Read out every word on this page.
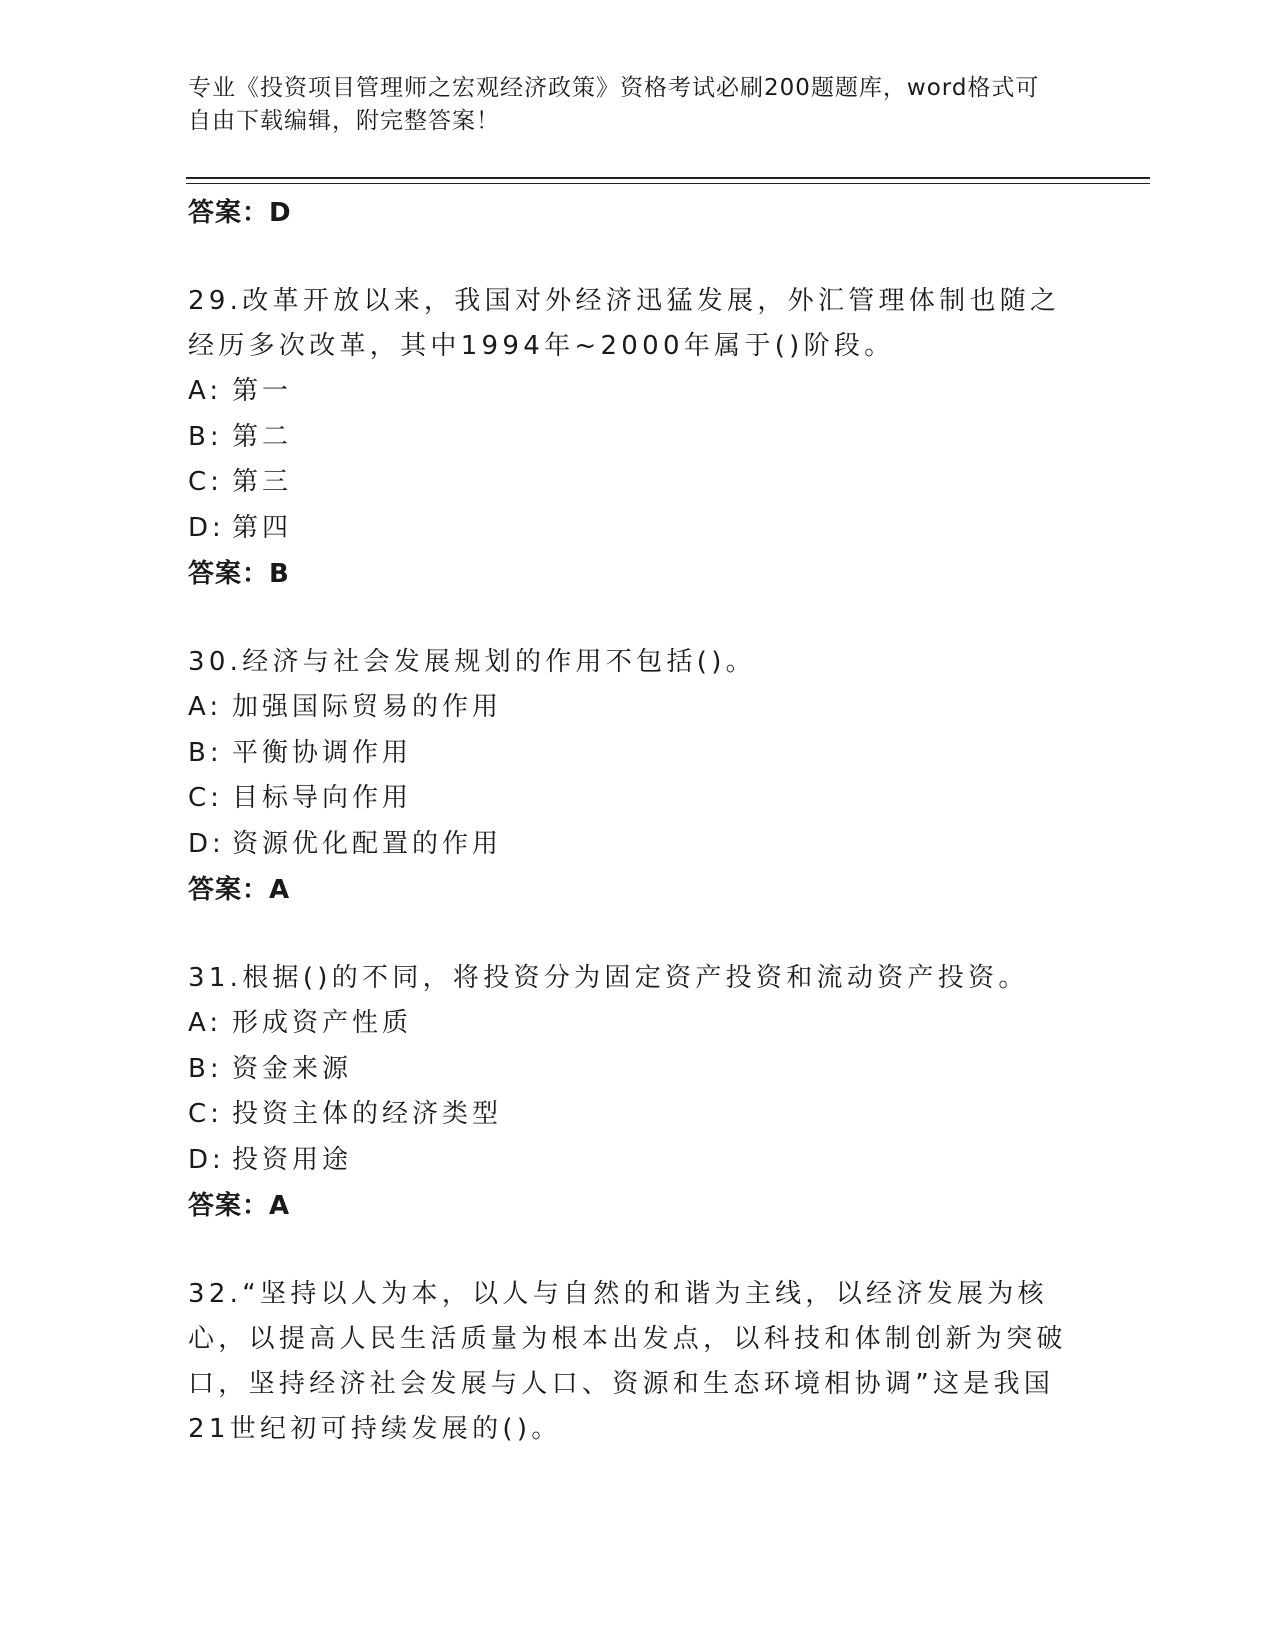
专业《投资项目管理师之宏观经济政策》资格考试必刷200题题库，word格式可
自由下载编辑，附完整答案！
答案：D
29.改革开放以来，我国对外经济迅猛发展，外汇管理体制也随之经历多次改革，其中1994年~2000年属于()阶段。
A: 第一
B: 第二
C: 第三
D: 第四
答案：B
30.经济与社会发展规划的作用不包括()。
A: 加强国际贸易的作用
B: 平衡协调作用
C: 目标导向作用
D: 资源优化配置的作用
答案：A
31.根据()的不同，将投资分为固定资产投资和流动资产投资。
A: 形成资产性质
B: 资金来源
C: 投资主体的经济类型
D: 投资用途
答案：A
32.“坚持以人为本，以人与自然的和谐为主线，以经济发展为核心，以提高人民生活质量为根本出发点，以科技和体制创新为突破口，坚持经济社会发展与人口、资源和生态环境相协调”这是我国21世纪初可持续发展的()。
